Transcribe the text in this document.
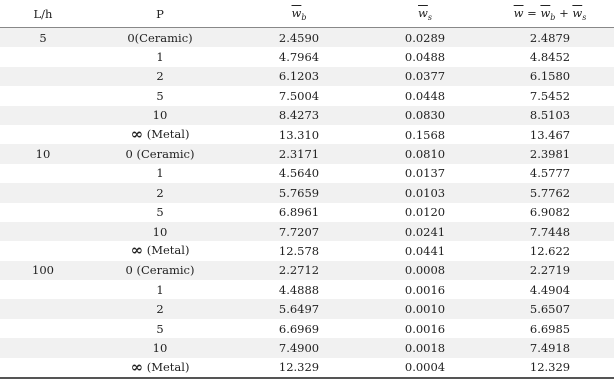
L/h	P	$\overline{w}_b$	$\overline{w}_s$	$\overline{w} = \overline{w}_b + \overline{w}_s$
5	0(Ceramic)	2.4590	0.0289	2.4879
	1	4.7964	0.0488	4.8452
	2	6.1203	0.0377	6.1580
	5	7.5004	0.0448	7.5452
	10	8.4273	0.0830	8.5103
	∞ (Metal)	13.310	0.1568	13.467
10	0 (Ceramic)	2.3171	0.0810	2.3981
	1	4.5640	0.0137	4.5777
	2	5.7659	0.0103	5.7762
	5	6.8961	0.0120	6.9082
	10	7.7207	0.0241	7.7448
	∞ (Metal)	12.578	0.0441	12.622
100	0 (Ceramic)	2.2712	0.0008	2.2719
	1	4.4888	0.0016	4.4904
	2	5.6497	0.0010	5.6507
	5	6.6969	0.0016	6.6985
	10	7.4900	0.0018	7.4918
	∞ (Metal)	12.329	0.0004	12.329
